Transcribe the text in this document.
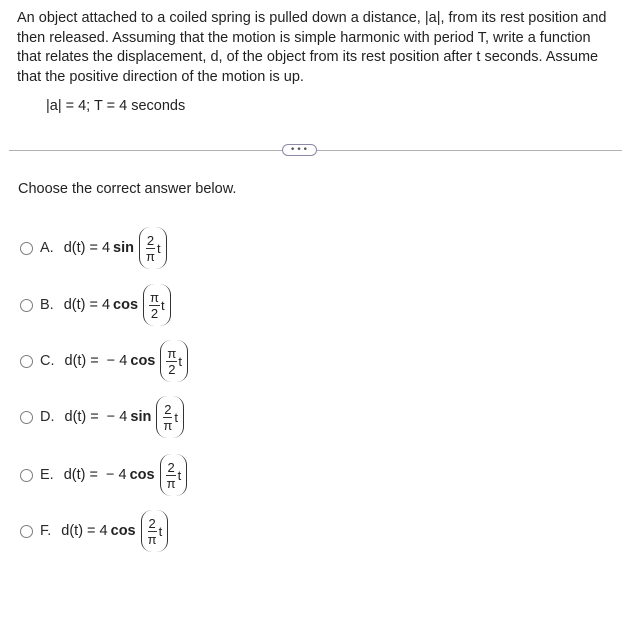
An object attached to a coiled spring is pulled down a distance, |a|, from its rest position and then released. Assuming that the motion is simple harmonic with period T, write a function that relates the displacement, d, of the object from its rest position after t seconds. Assume that the positive direction of the motion is up.

|a| = 4; T = 4 seconds
•••
Choose the correct answer below.
A. d(t) = 4 $\sin \frac{2}{\pi}$ t
B. d(t) = 4 $\cos \frac{\pi}{2}$ t
C. d(t) =  − 4 $\cos \frac{\pi}{2}$ t
D. d(t) =  − 4 $\sin \frac{2}{\pi}$ t
E. d(t) =  − 4 $\cos \frac{2}{\pi}$ t
F. d(t) = 4 $\cos \frac{2}{\pi}$ t
